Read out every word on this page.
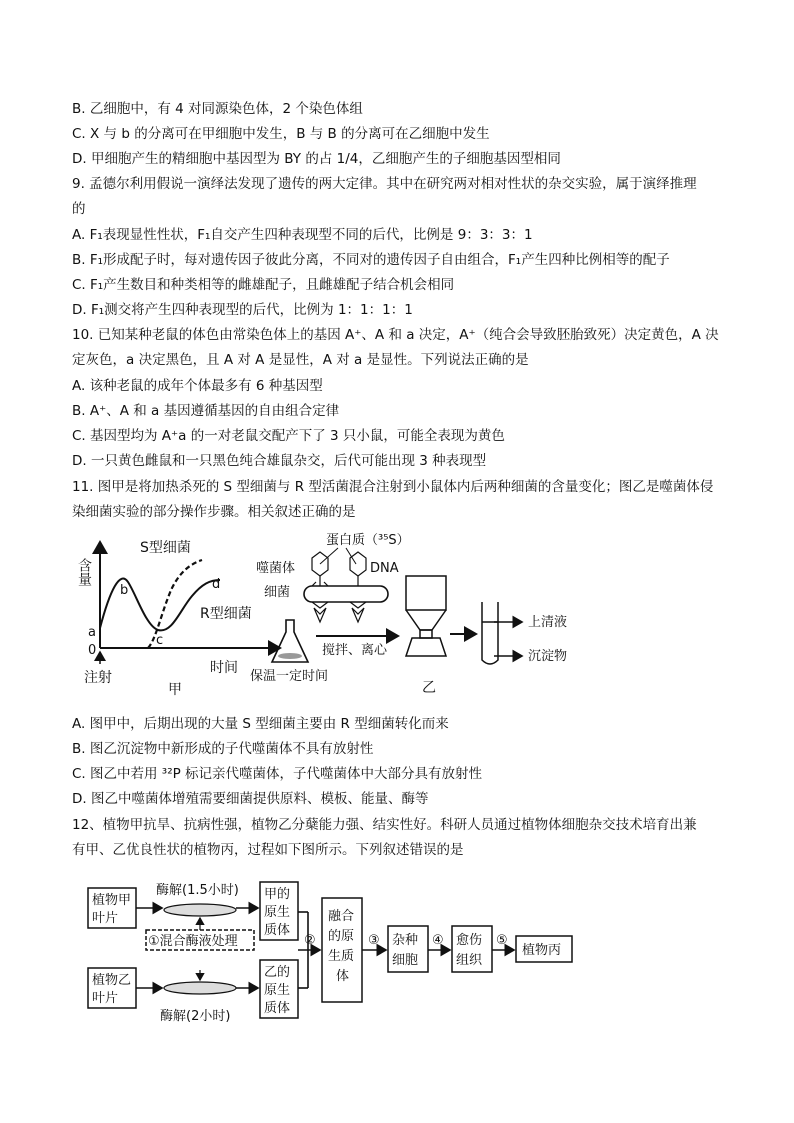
B. 乙细胞中，有 4 对同源染色体，2 个染色体组
C. X 与 b 的分离可在甲细胞中发生，B 与 B 的分离可在乙细胞中发生
D. 甲细胞产生的精细胞中基因型为 BY 的占 1/4，乙细胞产生的子细胞基因型相同
9. 孟德尔利用假说一演绎法发现了遗传的两大定律。其中在研究两对相对性状的杂交实验，属于演绎推理
的
A. F₁表现显性性状，F₁自交产生四种表现型不同的后代，比例是 9：3：3：1
B. F₁形成配子时，每对遗传因子彼此分离，不同对的遗传因子自由组合，F₁产生四种比例相等的配子
C. F₁产生数目和种类相等的雌雄配子，且雌雄配子结合机会相同
D. F₁测交将产生四种表现型的后代，比例为 1：1：1：1
10. 已知某种老鼠的体色由常染色体上的基因 A⁺、A 和 a 决定，A⁺（纯合会导致胚胎致死）决定黄色，A 决
定灰色，a 决定黑色，且 A 对 A 是显性，A 对 a 是显性。下列说法正确的是
A. 该种老鼠的成年个体最多有 6 种基因型
B. A⁺、A 和 a 基因遵循基因的自由组合定律
C. 基因型均为 A⁺a 的一对老鼠交配产下了 3 只小鼠，可能全表现为黄色
D. 一只黄色雌鼠和一只黑色纯合雄鼠杂交，后代可能出现 3 种表现型
11. 图甲是将加热杀死的 S 型细菌与 R 型活菌混合注射到小鼠体内后两种细菌的含量变化；图乙是噬菌体侵
染细菌实验的部分操作步骤。相关叙述正确的是
含量
S型细菌
R型细菌
a
b
c
d
0
注射
时间
甲
蛋白质（³⁵S）
噬菌体	DNA
细菌
保温一定时间
搅拌、离心
上清液
沉淀物
乙
A. 图甲中，后期出现的大量 S 型细菌主要由 R 型细菌转化而来
B. 图乙沉淀物中新形成的子代噬菌体不具有放射性
C. 图乙中若用 ³²P 标记亲代噬菌体，子代噬菌体中大部分具有放射性
D. 图乙中噬菌体增殖需要细菌提供原料、模板、能量、酶等
12、植物甲抗旱、抗病性强，植物乙分蘖能力强、结实性好。科研人员通过植物体细胞杂交技术培育出兼
有甲、乙优良性状的植物丙，过程如下图所示。下列叙述错误的是
植物甲
叶片
植物乙
叶片
酶解(1.5小时)
①混合酶液处理
酶解(2小时)
甲的
原生
质体
乙的
原生
质体
②
融合
的原
生质
体
③ 杂种
细胞
④ 愈伤
组织
⑤
植物丙
